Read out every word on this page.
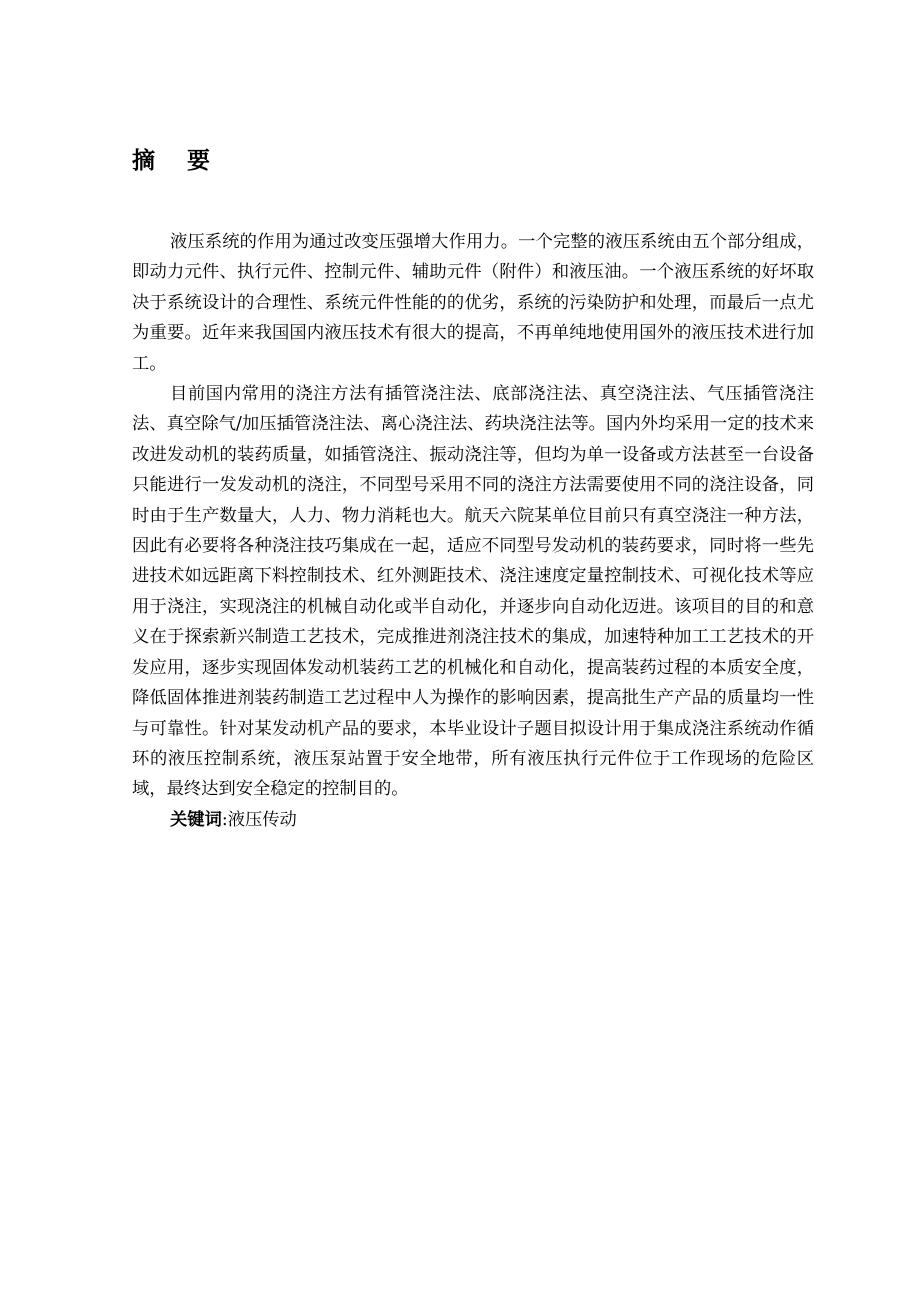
摘 要

液压系统的作用为通过改变压强增大作用力。一个完整的液压系统由五个部分组成，即动力元件、执行元件、控制元件、辅助元件（附件）和液压油。一个液压系统的好坏取决于系统设计的合理性、系统元件性能的的优劣，系统的污染防护和处理，而最后一点尤为重要。近年来我国国内液压技术有很大的提高，不再单纯地使用国外的液压技术进行加工。

目前国内常用的浇注方法有插管浇注法、底部浇注法、真空浇注法、气压插管浇注法、真空除气/加压插管浇注法、离心浇注法、药块浇注法等。国内外均采用一定的技术来改进发动机的装药质量，如插管浇注、振动浇注等，但均为单一设备或方法甚至一台设备只能进行一发发动机的浇注，不同型号采用不同的浇注方法需要使用不同的浇注设备，同时由于生产数量大，人力、物力消耗也大。航天六院某单位目前只有真空浇注一种方法，因此有必要将各种浇注技巧集成在一起，适应不同型号发动机的装药要求，同时将一些先进技术如远距离下料控制技术、红外测距技术、浇注速度定量控制技术、可视化技术等应用于浇注，实现浇注的机械自动化或半自动化，并逐步向自动化迈进。该项目的目的和意义在于探索新兴制造工艺技术，完成推进剂浇注技术的集成，加速特种加工工艺技术的开发应用，逐步实现固体发动机装药工艺的机械化和自动化，提高装药过程的本质安全度，降低固体推进剂装药制造工艺过程中人为操作的影响因素，提高批生产产品的质量均一性与可靠性。针对某发动机产品的要求，本毕业设计子题目拟设计用于集成浇注系统动作循环的液压控制系统，液压泵站置于安全地带，所有液压执行元件位于工作现场的危险区域，最终达到安全稳定的控制目的。

关键词:液压传动
